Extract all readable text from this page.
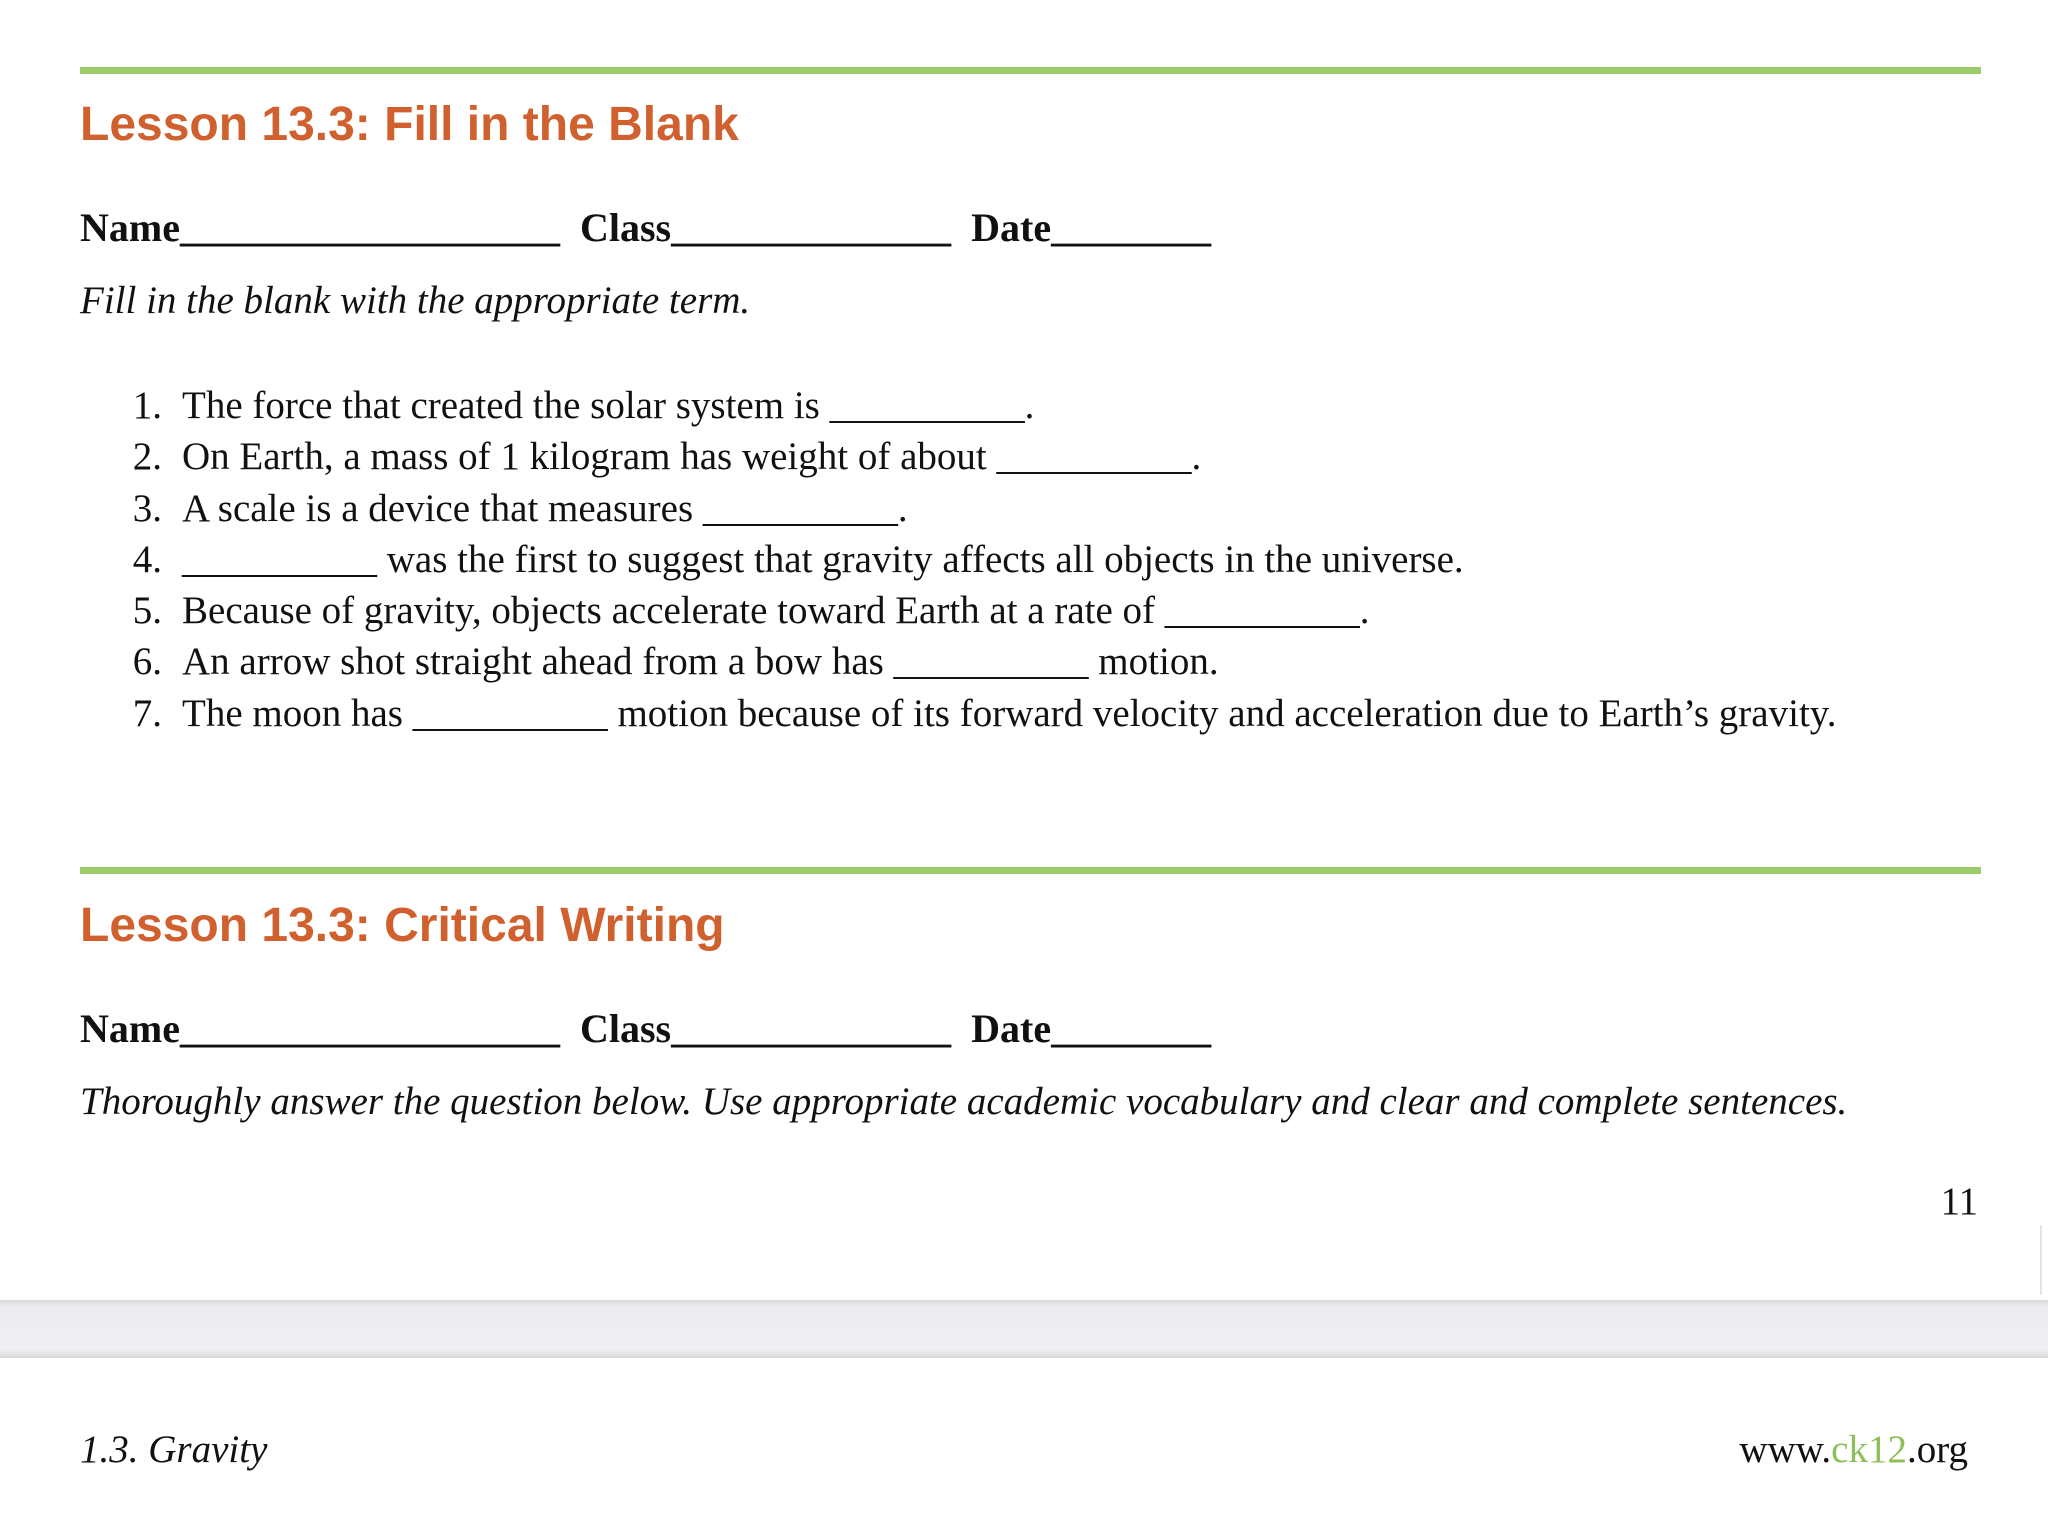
Lesson 13.3: Fill in the Blank
Name___________________ Class______________ Date________
Fill in the blank with the appropriate term.
1. The force that created the solar system is __________.
2. On Earth, a mass of 1 kilogram has weight of about __________.
3. A scale is a device that measures __________.
4. __________ was the first to suggest that gravity affects all objects in the universe.
5. Because of gravity, objects accelerate toward Earth at a rate of __________.
6. An arrow shot straight ahead from a bow has __________ motion.
7. The moon has __________ motion because of its forward velocity and acceleration due to Earth’s gravity.
Lesson 13.3: Critical Writing
Name___________________ Class______________ Date________
Thoroughly answer the question below. Use appropriate academic vocabulary and clear and complete sentences.
11
1.3. Gravity	www.ck12.org
